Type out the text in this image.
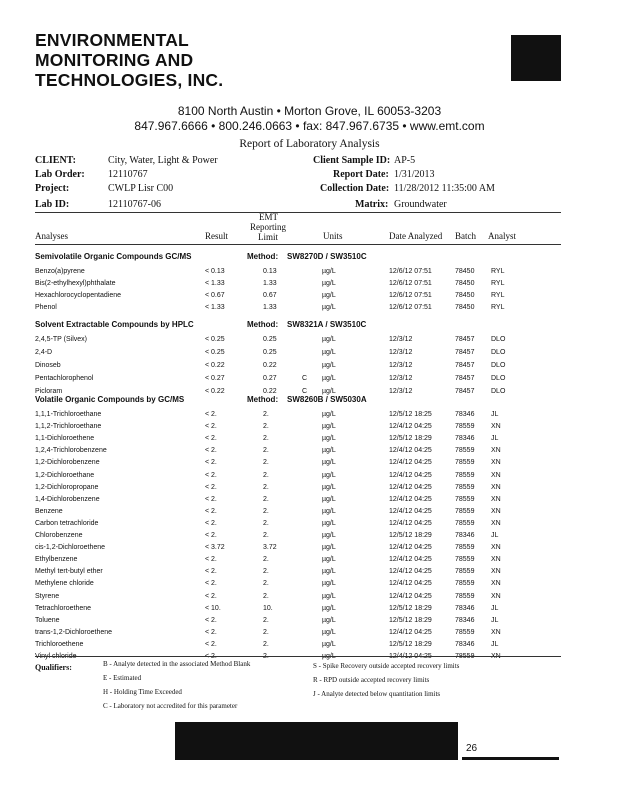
ENVIRONMENTAL
MONITORING AND
TECHNOLOGIES, INC.
8100 North Austin • Morton Grove, IL 60053-3203
847.967.6666 • 800.246.0663 • fax: 847.967.6735 • www.emt.com
Report of Laboratory Analysis
CLIENT:	City, Water, Light & Power	Client Sample ID: AP-5
Lab Order: 12110767	Report Date: 1/31/2013
Project:	CWLP Lisr C00	Collection Date: 11/28/2012 11:35:00 AM
Lab ID:	12110767-06	Matrix: Groundwater
Analyses	Result
EMT
Reporting
Limit	Units	Date Analyzed Batch Analyst
Semivolatile Organic Compounds GC/MS	Method: SW8270D / SW3510C
Benzo(a)pyrene	< 0.13	0.13	µg/L	12/6/12 07:51	78450 RYL
Bis(2-ethylhexyl)phthalate	< 1.33	1.33	µg/L	12/6/12 07:51	78450 RYL
Hexachlorocyclopentadiene	< 0.67	0.67	µg/L	12/6/12 07:51	78450 RYL
Phenol	< 1.33	1.33	µg/L	12/6/12 07:51	78450 RYL
Solvent Extractable Compounds by HPLC	Method: SW8321A / SW3510C
2,4,5-TP (Silvex)	< 0.25	0.25	µg/L	12/3/12	78457 DLO
2,4-D	< 0.25	0.25	µg/L	12/3/12	78457 DLO
Dinoseb	< 0.22	0.22	µg/L	12/3/12	78457 DLO
Pentachlorophenol	< 0.27	0.27	C µg/L	12/3/12	78457 DLO
Picloram	< 0.22	0.22	C µg/L	12/3/12	78457 DLO
Volatile Organic Compounds by GC/MS	Method: SW8260B / SW5030A
1,1,1-Trichloroethane	< 2.	2.	µg/L	12/5/12 18:25	78346 JL
1,1,2-Trichloroethane	< 2.	2.	µg/L	12/4/12 04:25	78559 XN
1,1-Dichloroethene	< 2.	2.	µg/L	12/5/12 18:29	78346 JL
1,2,4-Trichlorobenzene	< 2.	2.	µg/L	12/4/12 04:25	78559 XN
1,2-Dichlorobenzene	< 2.	2.	µg/L	12/4/12 04:25	78559 XN
1,2-Dichloroethane	< 2.	2.	µg/L	12/4/12 04:25	78559 XN
1,2-Dichloropropane	< 2.	2.	µg/L	12/4/12 04:25	78559 XN
1,4-Dichlorobenzene	< 2.	2.	µg/L	12/4/12 04:25	78559 XN
Benzene	< 2.	2.	µg/L	12/4/12 04:25	78559 XN
Carbon tetrachloride	< 2.	2.	µg/L	12/4/12 04:25	78559 XN
Chlorobenzene	< 2.	2.	µg/L	12/5/12 18:29	78346 JL
cis-1,2-Dichloroethene	< 3.72	3.72	µg/L	12/4/12 04:25	78559 XN
Ethylbenzene	< 2.	2.	µg/L	12/4/12 04:25	78559 XN
Methyl tert-butyl ether	< 2.	2.	µg/L	12/4/12 04:25	78559 XN
Methylene chloride	< 2.	2.	µg/L	12/4/12 04:25	78559 XN
Styrene	< 2.	2.	µg/L	12/4/12 04:25	78559 XN
Tetrachloroethene	< 10.	10.	µg/L	12/5/12 18:29	78346 JL
Toluene	< 2.	2.	µg/L	12/5/12 18:29	78346 JL
trans-1,2-Dichloroethene	< 2.	2.	µg/L	12/4/12 04:25	78559 XN
Trichloroethene	< 2.	2.	µg/L	12/5/12 18:29	78346 JL
Vinyl chloride	< 2.	2.	µg/L	12/4/12 04:25	78559 XN
Qualifiers:	B - Analyte detected in the associated Method Blank
E - Estimated
H - Holding Time Exceeded
C - Laboratory not accredited for this parameter
S - Spike Recovery outside accepted recovery limits
R - RPD outside accepted recovery limits
J - Analyte detected below quantitation limits
26
